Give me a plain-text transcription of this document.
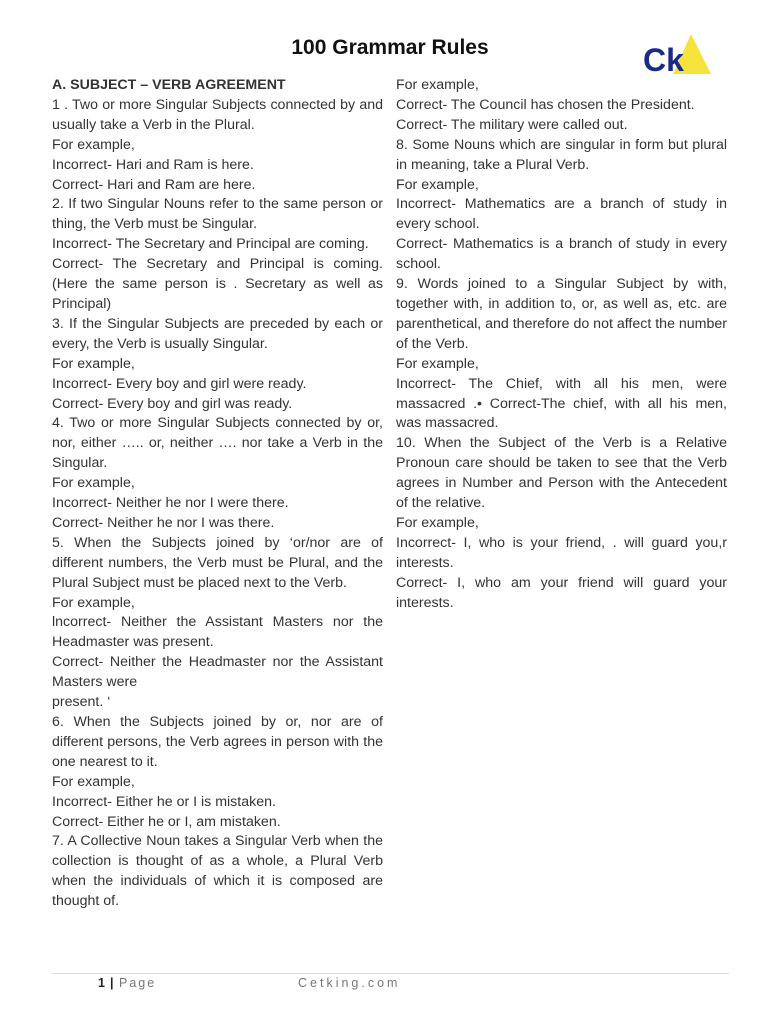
100 Grammar Rules	Ck

A. SUBJECT – VERB AGREEMENT

1 . Two or more Singular Subjects connected by and usually take a Verb in the Plural.

For example,

Incorrect- Hari and Ram is here.

Correct- Hari and Ram are here.

2. If two Singular Nouns refer to the same person or thing, the Verb must be Singular.

Incorrect- The Secretary and Principal are coming.

Correct- The Secretary and Principal is coming. (Here the same person is . Secretary as well as Principal)

3. If the Singular Subjects are preceded by each or every, the Verb is usually Singular.

For example,

Incorrect- Every boy and girl were ready.

Correct- Every boy and girl was ready.

4. Two or more Singular Subjects connected by or, nor, either ….. or, neither …. nor take a Verb in the Singular.

For example,

Incorrect- Neither he nor I were there.

Correct- Neither he nor I was there.

5. When the Subjects joined by ‘or/nor are of different numbers, the Verb must be Plural, and the Plural Subject must be placed next to the Verb.

For example,

lncorrect- Neither the Assistant Masters nor the Headmaster was present.

Correct- Neither the Headmaster nor the Assistant Masters were

present. ‘

6. When the Subjects joined by or, nor are of different persons, the Verb agrees in person with the one nearest to it.

For example,

Incorrect- Either he or I is mistaken.

Correct- Either he or I, am mistaken.

7. A Collective Noun takes a Singular Verb when the collection is thought of as a whole, a Plural Verb when the individuals of which it is composed are thought of.

For example,

Correct- The Council has chosen the President.

Correct- The military were called out.

8. Some Nouns which are singular in form but plural in meaning, take a Plural Verb.

For example,

Incorrect- Mathematics are a branch of study in every school.

Correct- Mathematics is a branch of study in every school.

9. Words joined to a Singular Subject by with, together with, in addition to, or, as well as, etc. are parenthetical, and therefore do not affect the number of the Verb.

For example,

Incorrect- The Chief, with all his men, were massacred .• Correct-The chief, with all his men, was massacred.

10. When the Subject of the Verb is a Relative Pronoun care should be taken to see that the Verb agrees in Number and Person with the Antecedent of the relative.

For example,

Incorrect- I, who is your friend, . will guard you,r interests.

Correct- I, who am your friend will guard your interests.

1 | Page	Cetking.com
